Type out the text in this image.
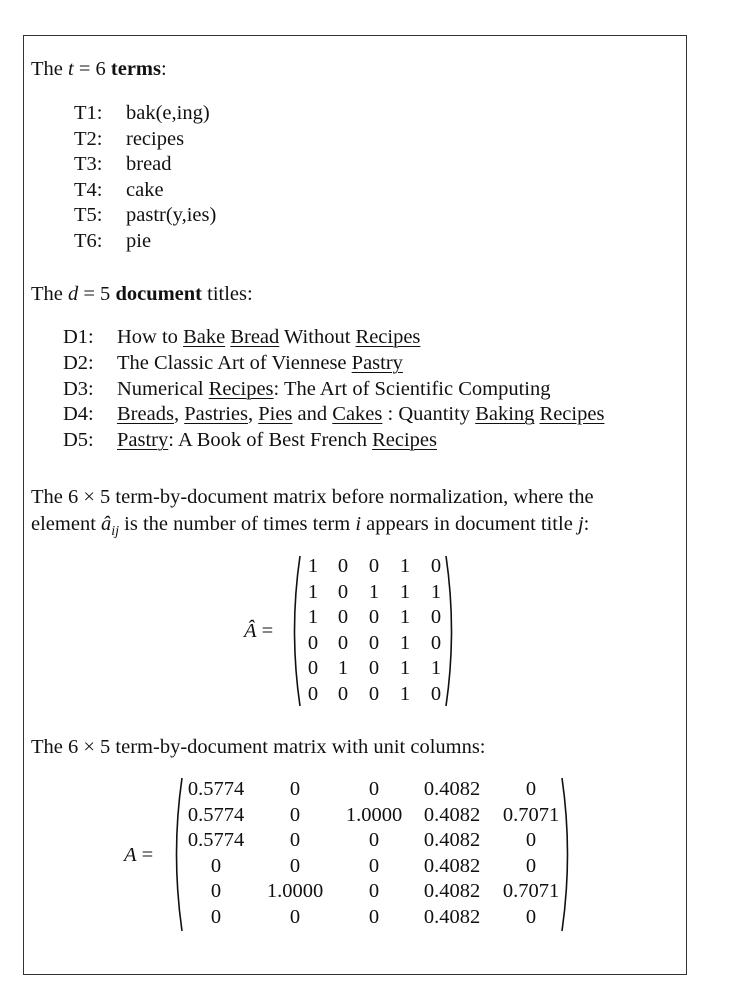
The t = 6 terms:
T1: bak(e,ing)
T2: recipes
T3: bread
T4: cake
T5: pastr(y,ies)
T6: pie
The d = 5 document titles:
D1: How to Bake Bread Without Recipes
D2: The Classic Art of Viennese Pastry
D3: Numerical Recipes: The Art of Scientific Computing
D4: Breads, Pastries, Pies and Cakes : Quantity Baking Recipes
D5: Pastry: A Book of Best French Recipes
The 6 × 5 term-by-document matrix before normalization, where the
element $â_{ij}$ is the number of times term i appears in document title j:
Â =
1 0	0	1	0
1 0	1	1	1
1 0	0	1	0
0 0	0	1	0
0 1	0	1	1
0 0	0	1	0
The 6 × 5 term-by-document matrix with unit columns:
A =
0.5774	0	0	0.4082	0
0.5774	0	1.0000	0.4082	0.7071
0.5774	0	0	0.4082	0
0	0	0	0.4082	0
0	1.0000	0	0.4082	0.7071
0	0	0	0.4082	0
